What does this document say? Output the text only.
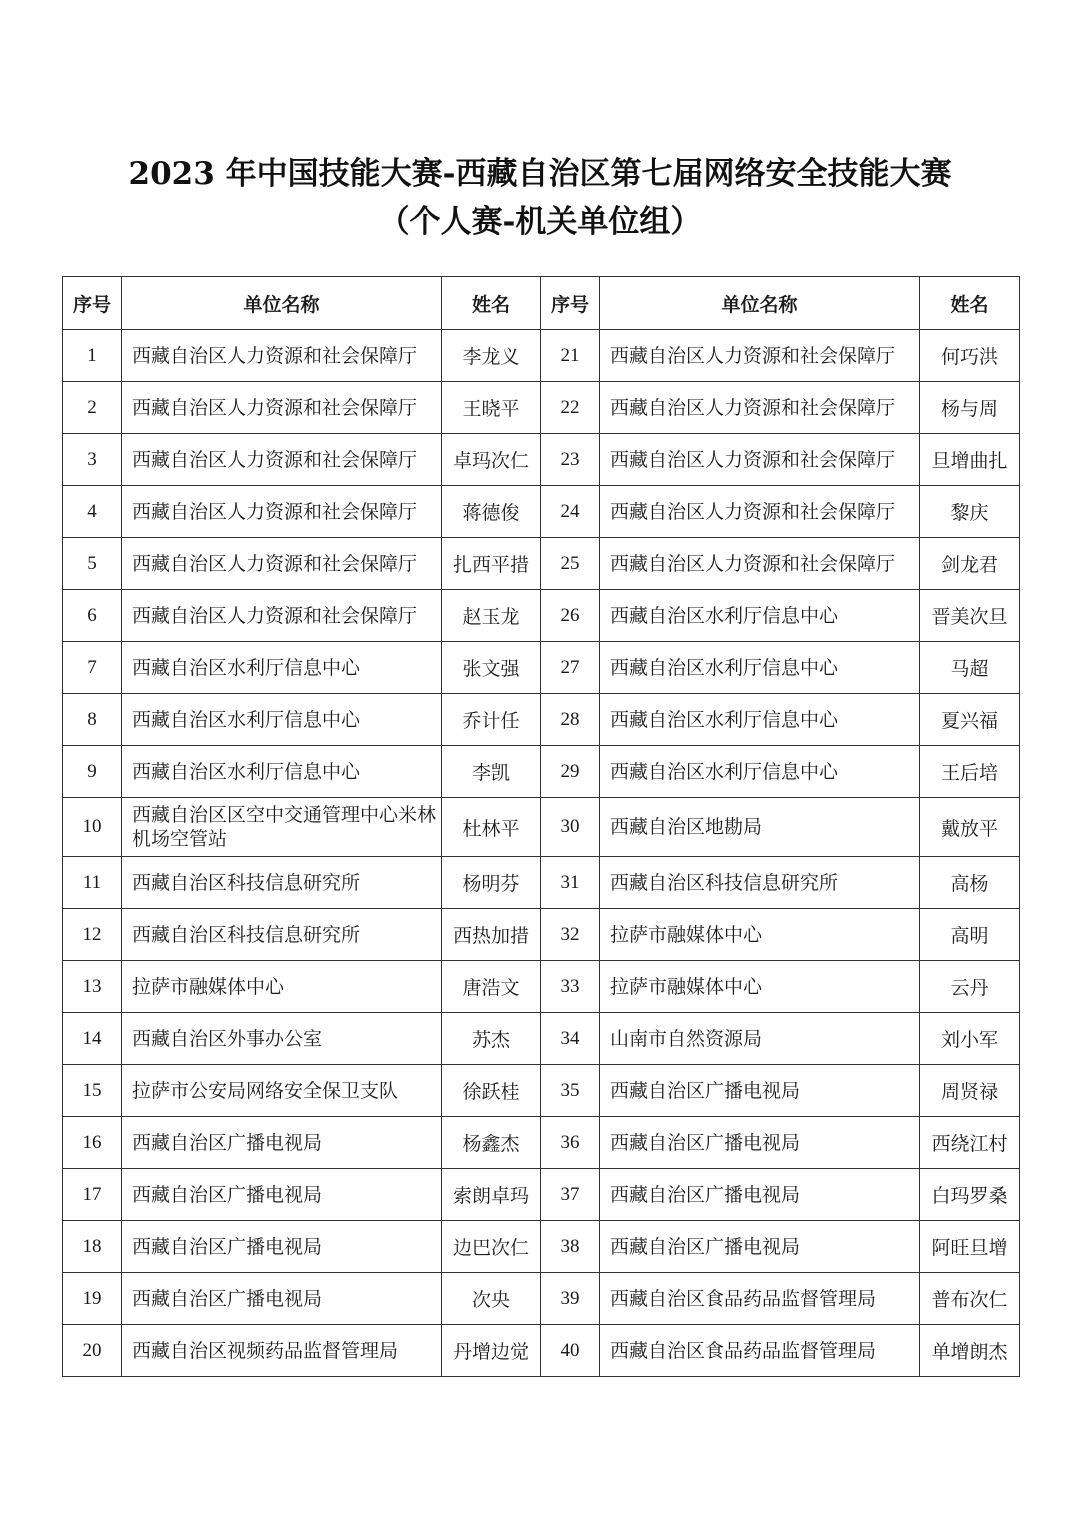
2023 年中国技能大赛-西藏自治区第七届网络安全技能大赛
（个人赛-机关单位组）
序号	单位名称	姓名	序号	单位名称	姓名
1	西藏自治区人力资源和社会保障厅	李龙义	21	西藏自治区人力资源和社会保障厅	何巧洪
2	西藏自治区人力资源和社会保障厅	王晓平	22	西藏自治区人力资源和社会保障厅	杨与周
3	西藏自治区人力资源和社会保障厅	卓玛次仁	23	西藏自治区人力资源和社会保障厅	旦增曲扎
4	西藏自治区人力资源和社会保障厅	蒋德俊	24	西藏自治区人力资源和社会保障厅	黎庆
5	西藏自治区人力资源和社会保障厅	扎西平措	25	西藏自治区人力资源和社会保障厅	剑龙君
6	西藏自治区人力资源和社会保障厅	赵玉龙	26	西藏自治区水利厅信息中心	晋美次旦
7	西藏自治区水利厅信息中心	张文强	27	西藏自治区水利厅信息中心	马超
8	西藏自治区水利厅信息中心	乔计任	28	西藏自治区水利厅信息中心	夏兴福
9	西藏自治区水利厅信息中心	李凯	29	西藏自治区水利厅信息中心	王后培
10	西藏自治区区空中交通管理中心米林机场空管站	杜林平	30	西藏自治区地勘局	戴放平
11	西藏自治区科技信息研究所	杨明芬	31	西藏自治区科技信息研究所	高杨
12	西藏自治区科技信息研究所	西热加措	32	拉萨市融媒体中心	高明
13	拉萨市融媒体中心	唐浩文	33	拉萨市融媒体中心	云丹
14	西藏自治区外事办公室	苏杰	34	山南市自然资源局	刘小军
15	拉萨市公安局网络安全保卫支队	徐跃桂	35	西藏自治区广播电视局	周贤禄
16	西藏自治区广播电视局	杨鑫杰	36	西藏自治区广播电视局	西绕江村
17	西藏自治区广播电视局	索朗卓玛	37	西藏自治区广播电视局	白玛罗桑
18	西藏自治区广播电视局	边巴次仁	38	西藏自治区广播电视局	阿旺旦增
19	西藏自治区广播电视局	次央	39	西藏自治区食品药品监督管理局	普布次仁
20	西藏自治区视频药品监督管理局	丹增边觉	40	西藏自治区食品药品监督管理局	单增朗杰
